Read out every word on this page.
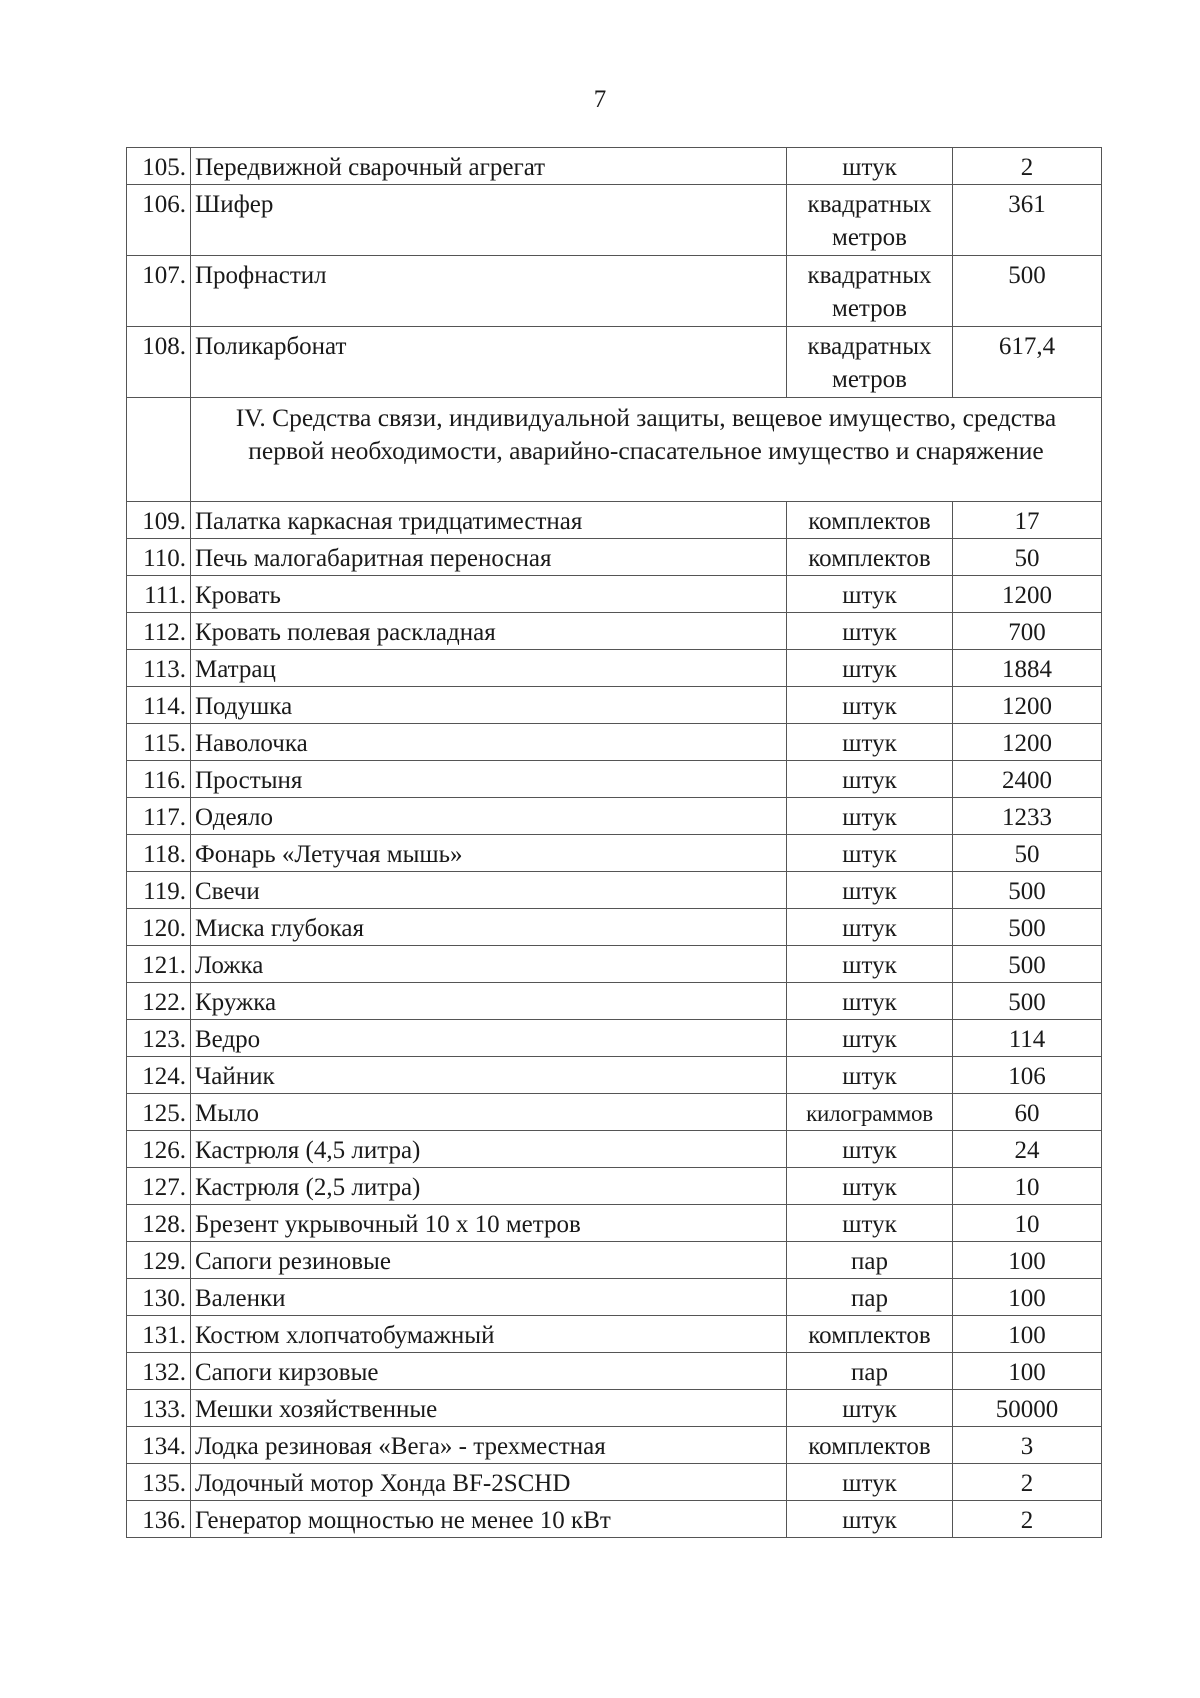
7
105.	Передвижной сварочный агрегат	штук	2
106.	Шифер	квадратных метров	361
107.	Профнастил	квадратных метров	500
108.	Поликарбонат	квадратных метров	617,4
	IV. Средства связи, индивидуальной защиты, вещевое имущество, средства первой необходимости, аварийно-спасательное имущество и снаряжение		
109.	Палатка каркасная тридцатиместная	комплектов	17
110.	Печь малогабаритная переносная	комплектов	50
111.	Кровать	штук	1200
112.	Кровать полевая раскладная	штук	700
113.	Матрац	штук	1884
114.	Подушка	штук	1200
115.	Наволочка	штук	1200
116.	Простыня	штук	2400
117.	Одеяло	штук	1233
118.	Фонарь «Летучая мышь»	штук	50
119.	Свечи	штук	500
120.	Миска глубокая	штук	500
121.	Ложка	штук	500
122.	Кружка	штук	500
123.	Ведро	штук	114
124.	Чайник	штук	106
125.	Мыло	килограммов	60
126.	Кастрюля (4,5 литра)	штук	24
127.	Кастрюля (2,5 литра)	штук	10
128.	Брезент укрывочный 10 х 10 метров	штук	10
129.	Сапоги резиновые	пар	100
130.	Валенки	пар	100
131.	Костюм хлопчатобумажный	комплектов	100
132.	Сапоги кирзовые	пар	100
133.	Мешки хозяйственные	штук	50000
134.	Лодка резиновая «Вега» - трехместная	комплектов	3
135.	Лодочный мотор Хонда BF-2SCHD	штук	2
136.	Генератор мощностью не менее 10 кВт	штук	2
